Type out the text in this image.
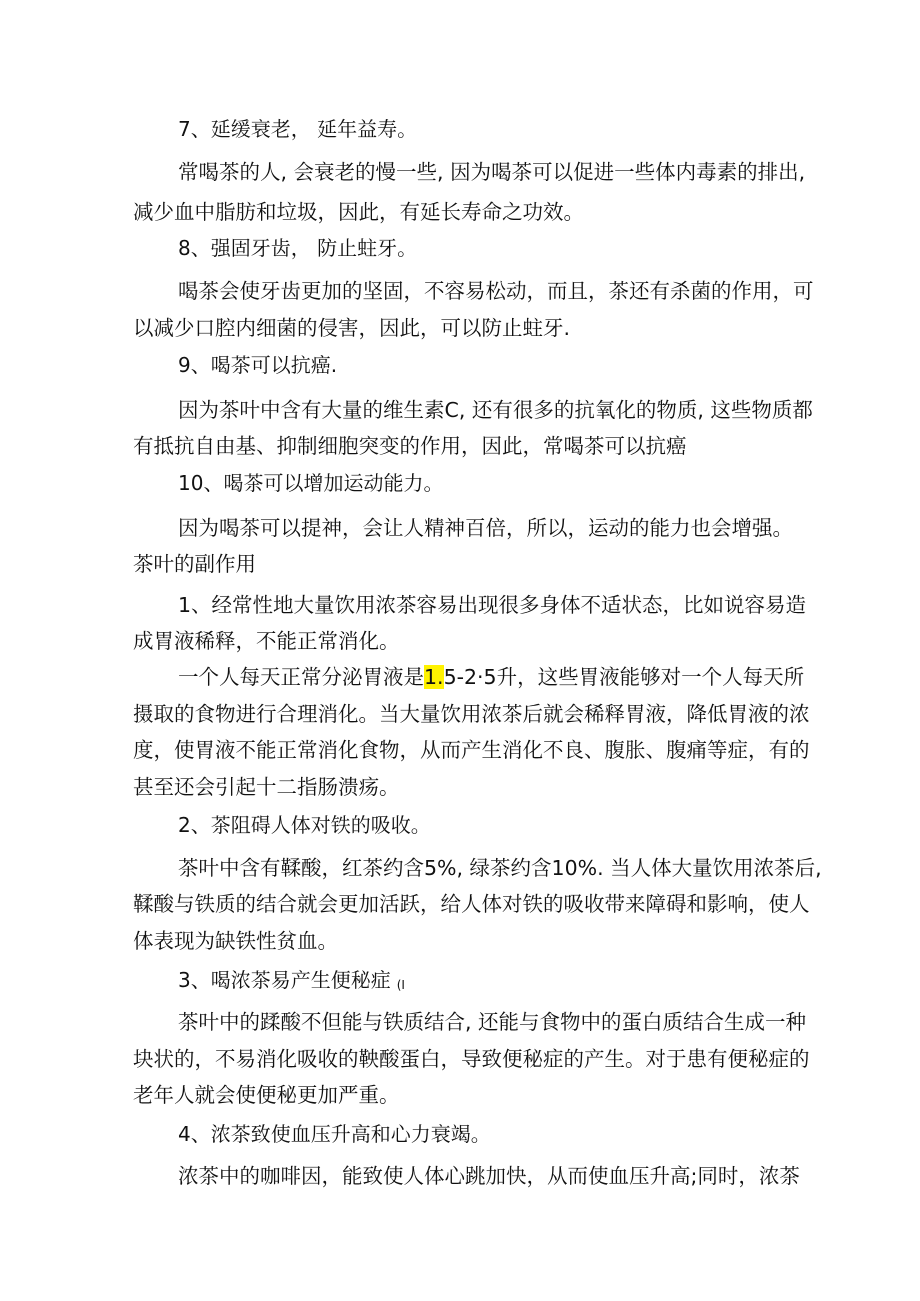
7、延缓衰老， 延年益寿。
常喝茶的人, 会衰老的慢一些, 因为喝茶可以促进一些体内毒素的排出,
减少血中脂肪和垃圾，因此，有延长寿命之功效。
8、强固牙齿， 防止蛀牙。
喝茶会使牙齿更加的坚固，不容易松动，而且，茶还有杀菌的作用，可
以减少口腔内细菌的侵害，因此，可以防止蛀牙.
9、喝茶可以抗癌.
因为茶叶中含有大量的维生素C, 还有很多的抗氧化的物质, 这些物质都
有抵抗自由基、抑制细胞突变的作用，因此，常喝茶可以抗癌
10、喝茶可以增加运动能力。
因为喝茶可以提神，会让人精神百倍，所以，运动的能力也会增强。
茶叶的副作用
1、经常性地大量饮用浓茶容易出现很多身体不适状态，比如说容易造
成胃液稀释，不能正常消化。
一个人每天正常分泌胃液是1.5-2·5升，这些胃液能够对一个人每天所
摄取的食物进行合理消化。当大量饮用浓茶后就会稀释胃液，降低胃液的浓
度，使胃液不能正常消化食物，从而产生消化不良、腹胀、腹痛等症，有的
甚至还会引起十二指肠溃疡。
2、茶阻碍人体对铁的吸收。
茶叶中含有鞣酸，红茶约含5%, 绿茶约含10%. 当人体大量饮用浓茶后,
鞣酸与铁质的结合就会更加活跃，给人体对铁的吸收带来障碍和影响，使人
体表现为缺铁性贫血。
3、喝浓茶易产生便秘症 (I
茶叶中的蹂酸不但能与铁质结合, 还能与食物中的蛋白质结合生成一种
块状的，不易消化吸收的鞅酸蛋白，导致便秘症的产生。对于患有便秘症的
老年人就会使便秘更加严重。
4、浓茶致使血压升高和心力衰竭。
浓茶中的咖啡因，能致使人体心跳加快，从而使血压升高;同时，浓茶
